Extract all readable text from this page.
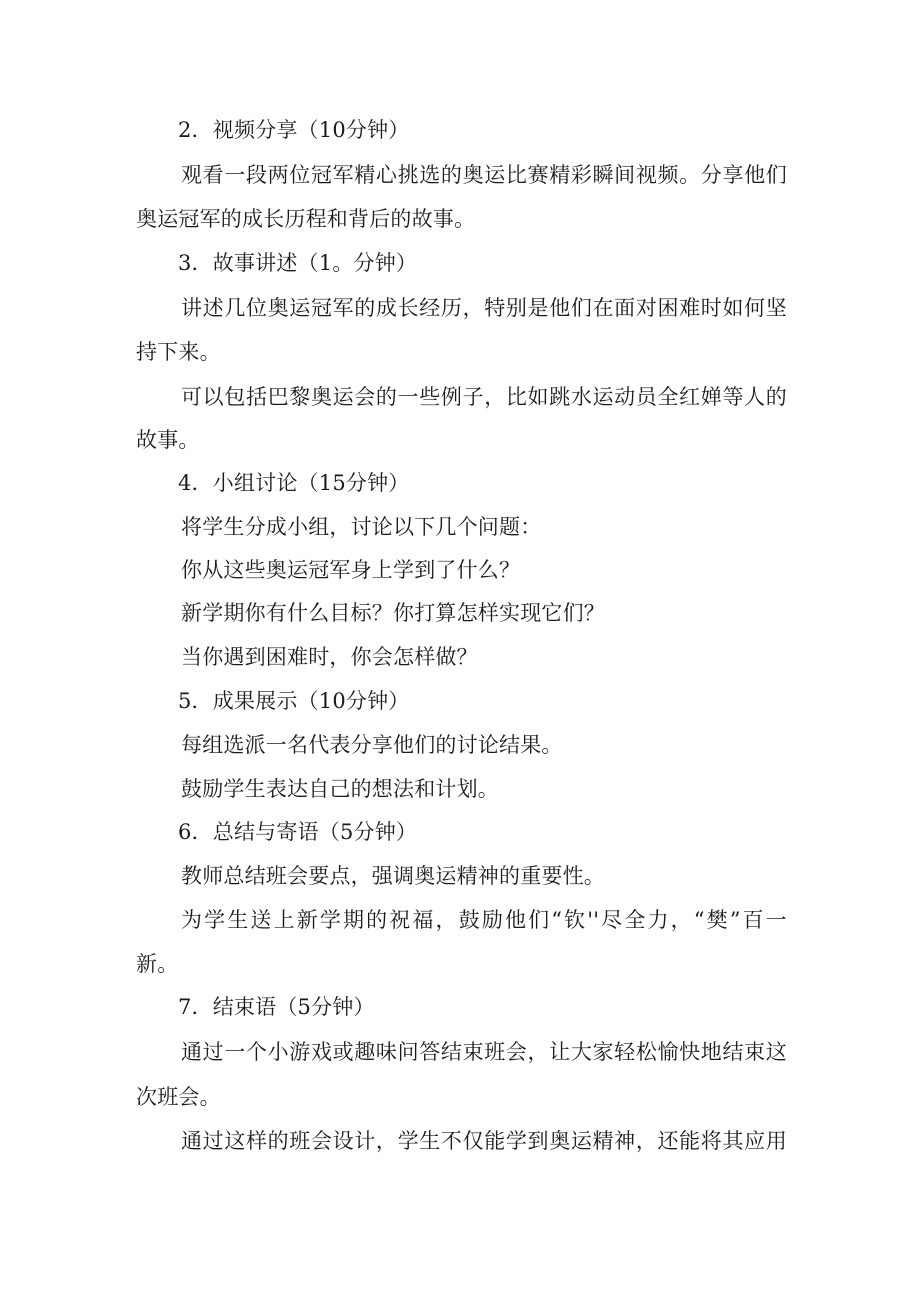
2．视频分享（10分钟）
观看一段两位冠军精心挑选的奥运比赛精彩瞬间视频。分享他们
奥运冠军的成长历程和背后的故事。
3．故事讲述（1。分钟）
讲述几位奥运冠军的成长经历，特别是他们在面对困难时如何坚
持下来。
可以包括巴黎奥运会的一些例子，比如跳水运动员全红婵等人的
故事。
4．小组讨论（15分钟）
将学生分成小组，讨论以下几个问题：
你从这些奥运冠军身上学到了什么？
新学期你有什么目标？你打算怎样实现它们？
当你遇到困难时，你会怎样做？
5．成果展示（10分钟）
每组选派一名代表分享他们的讨论结果。
鼓励学生表达自己的想法和计划。
6．总结与寄语（5分钟）
教师总结班会要点，强调奥运精神的重要性。
为学生送上新学期的祝福，鼓励他们“钦''尽全力，“樊”百一
新。
7．结束语（5分钟）
通过一个小游戏或趣味问答结束班会，让大家轻松愉快地结束这
次班会。
通过这样的班会设计，学生不仅能学到奥运精神，还能将其应用
